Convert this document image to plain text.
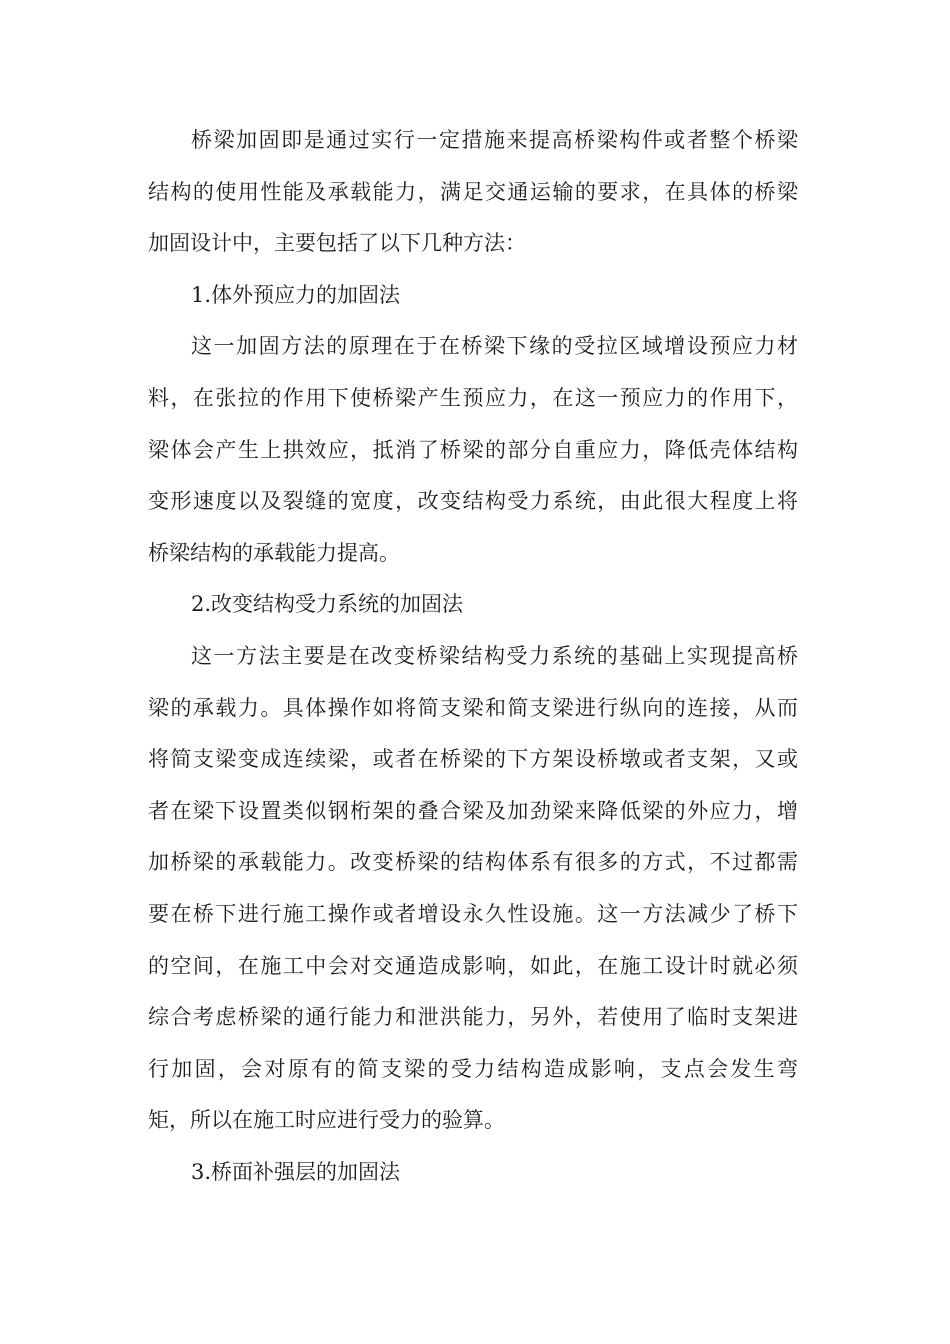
桥梁加固即是通过实行一定措施来提高桥梁构件或者整个桥梁
结构的使用性能及承载能力，满足交通运输的要求，在具体的桥梁
加固设计中，主要包括了以下几种方法：
1.体外预应力的加固法
这一加固方法的原理在于在桥梁下缘的受拉区域增设预应力材
料，在张拉的作用下使桥梁产生预应力，在这一预应力的作用下，
梁体会产生上拱效应，抵消了桥梁的部分自重应力，降低壳体结构
变形速度以及裂缝的宽度，改变结构受力系统，由此很大程度上将
桥梁结构的承载能力提高。
2.改变结构受力系统的加固法
这一方法主要是在改变桥梁结构受力系统的基础上实现提高桥
梁的承载力。具体操作如将简支梁和简支梁进行纵向的连接，从而
将简支梁变成连续梁，或者在桥梁的下方架设桥墩或者支架，又或
者在梁下设置类似钢桁架的叠合梁及加劲梁来降低梁的外应力，增
加桥梁的承载能力。改变桥梁的结构体系有很多的方式，不过都需
要在桥下进行施工操作或者增设永久性设施。这一方法减少了桥下
的空间，在施工中会对交通造成影响，如此，在施工设计时就必须
综合考虑桥梁的通行能力和泄洪能力，另外，若使用了临时支架进
行加固，会对原有的简支梁的受力结构造成影响，支点会发生弯
矩，所以在施工时应进行受力的验算。
3.桥面补强层的加固法
